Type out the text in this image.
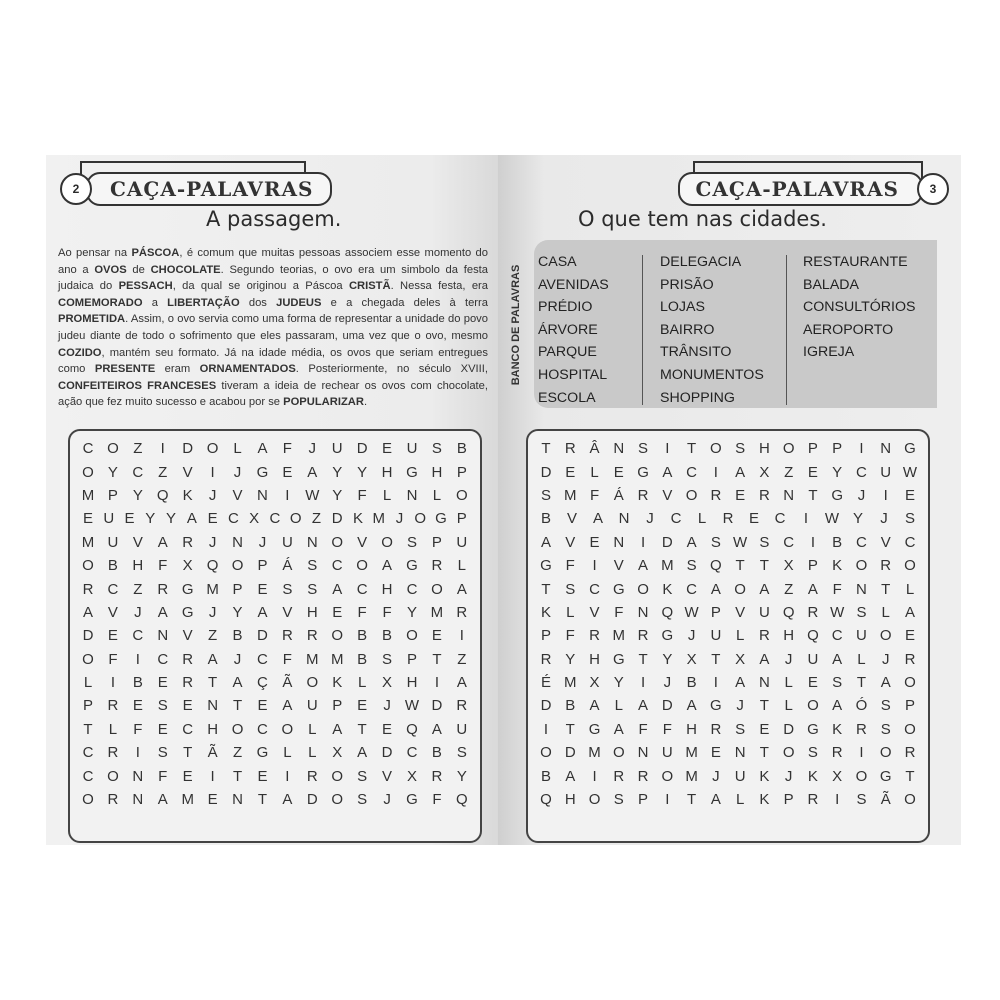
2	CAÇA-PALAVRAS
A passagem.
Ao pensar na PÁSCOA, é comum que muitas pessoas associem esse momento do ano a OVOS de CHOCOLATE. Segundo teorias, o ovo era um simbolo da festa judaica do PESSACH, da qual se originou a Páscoa CRISTÃ. Nessa festa, era COMEMORADO a LIBERTAÇÃO dos JUDEUS e a chegada deles à terra PROMETIDA. Assim, o ovo servia como uma forma de representar a unidade do povo judeu diante de todo o sofrimento que eles passaram, uma vez que o ovo, mesmo COZIDO, mantém seu formato. Já na idade média, os ovos que seriam entregues como PRESENTE eram ORNAMENTADOS. Posteriormente, no século XVIII, CONFEITEIROS FRANCESES tiveram a ideia de rechear os ovos com chocolate, ação que fez muito sucesso e acabou por se POPULARIZAR.
C O Z	I	D O L	A	F	J	U D E U S B
O Y C Z	V	I	J	G E A Y Y H G H P
M P Y Q K	J	V N	I	W Y	F	L	N	L O
E U E Y Y A E C X C O Z D K M J O G P
M U V A R	J	N	J	U N O V O S P U
O B H F	X Q O P Á S C O A G R	L
R C Z R G M P E S S A C H C O A
A V	J	A G	J	Y A V H E	F	F	Y M R
D E C N V	Z	B D R R O B B O E	I
O F	I	C R A	J	C F M M B S P	T	Z
L	I	B E R T	A Ç Ã O K	L	X H	I	A
P R E S E N T	E A U P E	J W D R
T	L	F	E C H O C O L	A	T	E Q A U
C R	I	S	T	Ã	Z G L	L	X A D C B S
C O N F	E	I	T	E	I	R O S V X R Y
O R N A M E N T	A D O S	J	G F Q
CAÇA-PALAVRAS	3
O que tem nas cidades.
BANCO DE PALAVRAS
CASA
AVENIDAS
PRÉDIO
ÁRVORE
PARQUE
HOSPITAL
ESCOLA
DELEGACIA
PRISÃO
LOJAS
BAIRRO
TRÂNSITO
MONUMENTOS
SHOPPING
RESTAURANTE
BALADA
CONSULTÓRIOS
AEROPORTO
IGREJA
T R Â N S	I	T O S H O P P	I	N G
D E	L	E G A C	I	A X Z E Y C U W
S M F Á R V O R E R N T G J	I	E
B	V	A	N	J	C	L	R	E	C	I	W Y	J	S
A V E N	I	D A S W S C	I	B C V C
G F	I	V A M S Q T	T X P K O R O
T S C G O K C A O A Z A F N T	L
K	L	V F N Q W P V U Q R W S	L	A
P F R M R G J	U L R H Q C U O E
R Y H G T Y X T X A	J	U A	L	J	R
É M X Y	I	J	B	I	A N L	E S T A O
D B A	L	A D A G J	T	L O A Ó S P
I	T G A F	F H R S E D G K R S O
O D M O N U M E N T O S R	I	O R
B A	I	R R O M J	U K	J	K X O G T
Q H O S P	I	T A	L	K P R	I	S Ã O
